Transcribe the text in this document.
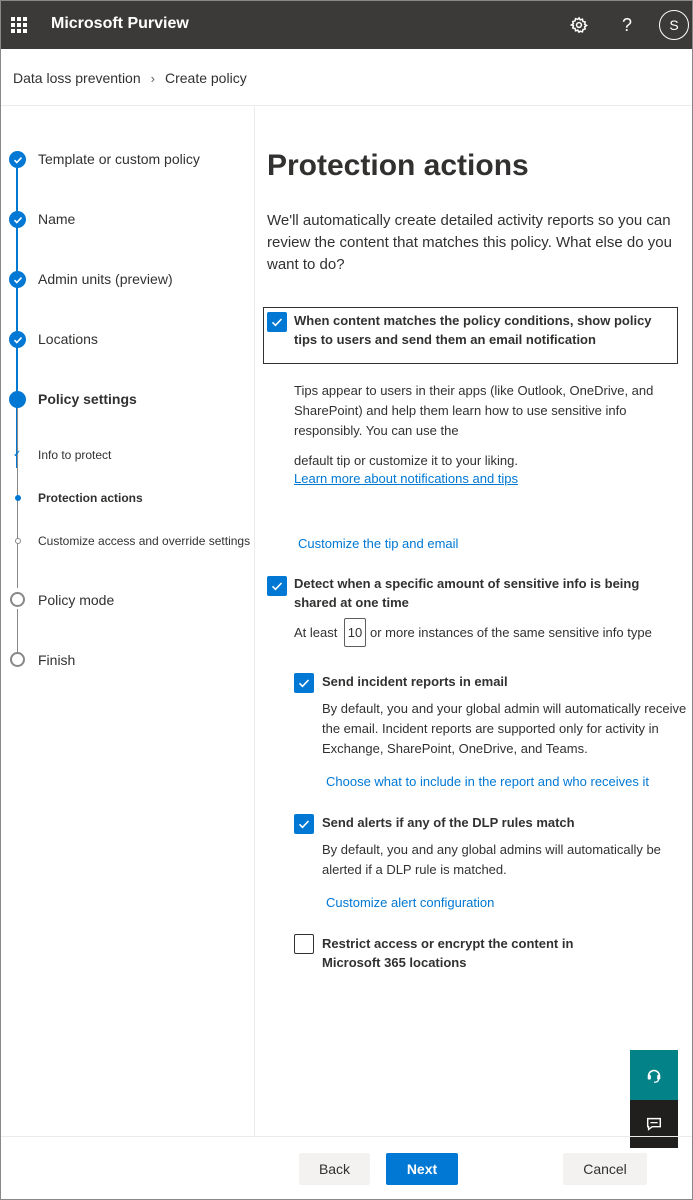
Microsoft Purview	?	S
Data loss prevention › Create policy
Template or custom policy
Name
Admin units (preview)
Locations
Policy settings
✓ Info to protect
Protection actions
Customize access and override settings
Policy mode
Finish
Protection actions
We'll automatically create detailed activity reports so you can review the content that matches this policy. What else do you want to do?
When content matches the policy conditions, show policy tips to users and send them an email notification
Tips appear to users in their apps (like Outlook, OneDrive, and SharePoint) and help them learn how to use sensitive info responsibly. You can use the
default tip or customize it to your liking.
Learn more about notifications and tips
Customize the tip and email
Detect when a specific amount of sensitive info is being shared at one time
At least 10 or more instances of the same sensitive info type
Send incident reports in email
By default, you and your global admin will automatically receive the email. Incident reports are supported only for activity in Exchange, SharePoint, OneDrive, and Teams.
Choose what to include in the report and who receives it
Send alerts if any of the DLP rules match
By default, you and any global admins will automatically be alerted if a DLP rule is matched.
Customize alert configuration
Restrict access or encrypt the content in Microsoft 365 locations
Back	Next	Cancel
